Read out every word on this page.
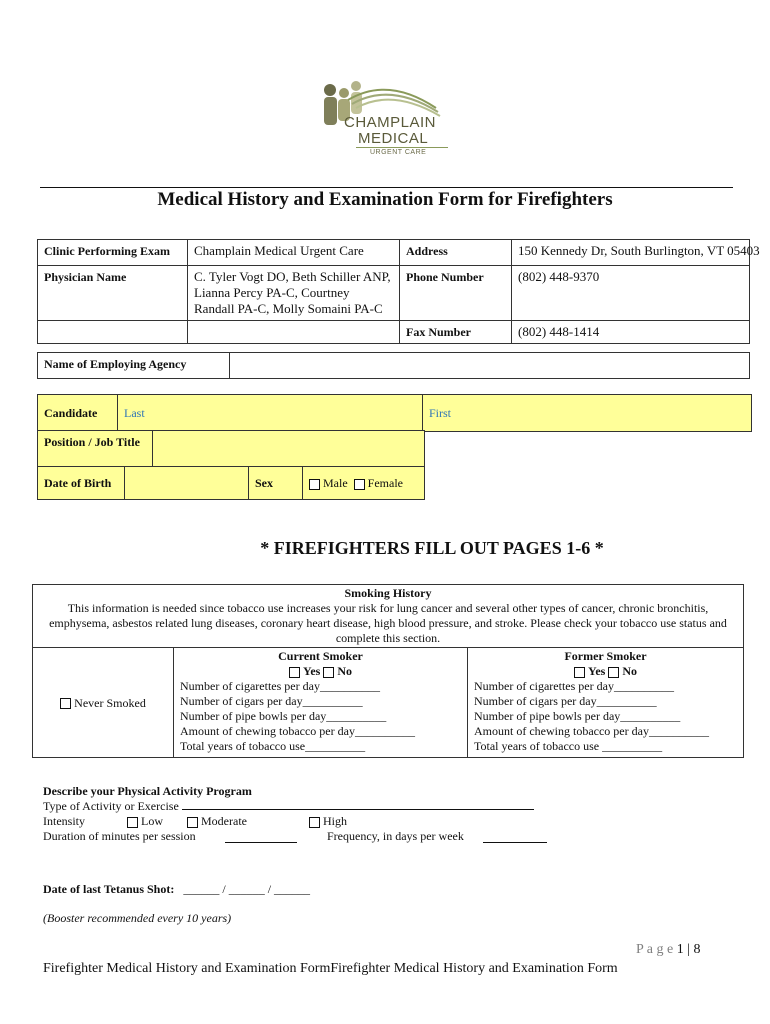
CHAMPLAIN
MEDICAL
URGENT CARE
Medical History and Examination Form for Firefighters
Clinic Performing Exam	Champlain Medical Urgent Care	Address	150 Kennedy Dr, South Burlington, VT 05403
Physician Name	C. Tyler Vogt DO, Beth Schiller ANP, Lianna Percy PA-C, Courtney Randall PA-C, Molly Somaini PA-C	Phone Number	(802) 448-9370
		Fax Number	(802) 448-1414
Name of Employing Agency	
Candidate	Last	First
Position / Job Title	
Date of Birth		Sex	Male Female
* FIREFIGHTERS FILL OUT PAGES 1-6 *
Smoking History
This information is needed since tobacco use increases your risk for lung cancer and several other types of cancer, chronic bronchitis, emphysema, asbestos related lung diseases, coronary heart disease, high blood pressure, and stroke. Please check your tobacco use status and complete this section.

Never Smoked	
Current Smoker
Yes No
Number of cigarettes per day__________
Number of cigars per day__________
Number of pipe bowls per day__________
Amount of chewing tobacco per day__________
Total years of tobacco use__________

Former Smoker
Yes No
Number of cigarettes per day__________
Number of cigars per day__________
Number of pipe bowls per day__________
Amount of chewing tobacco per day__________
Total years of tobacco use __________
Describe your Physical Activity Program
Type of Activity or Exercise
Intensity	Low	Moderate	High
Duration of minutes per session	Frequency, in days per week
Date of last Tetanus Shot: ______ / ______ / ______
(Booster recommended every 10 years)
P a g e 1 | 8
Firefighter Medical History and Examination FormFirefighter Medical History and Examination Form
